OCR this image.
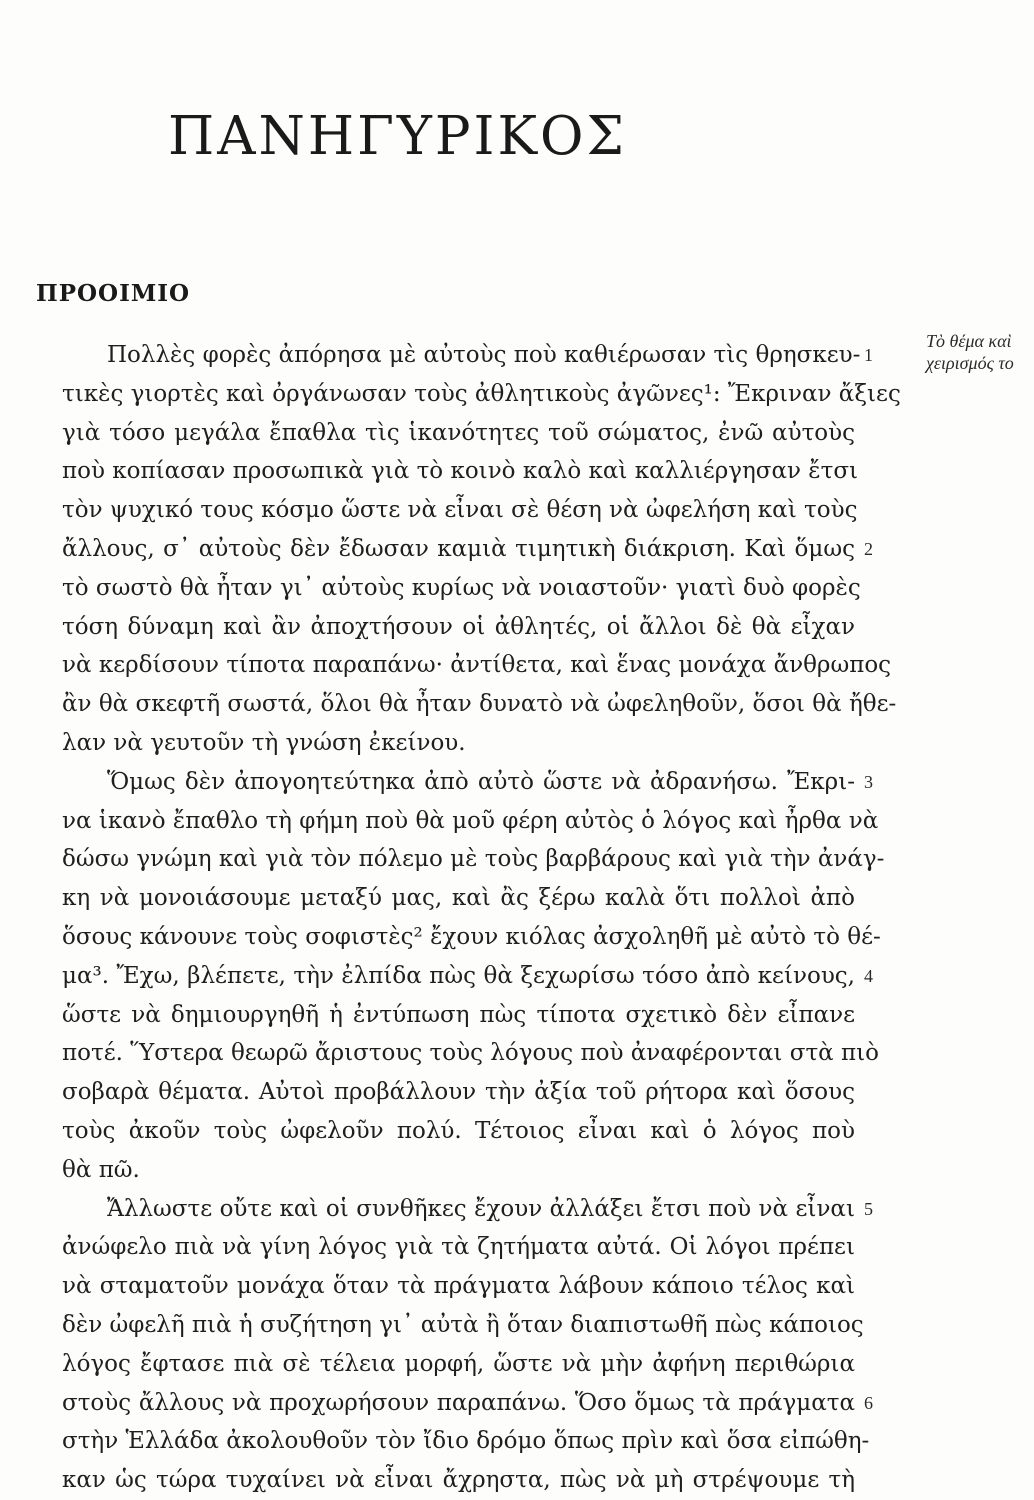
ΠΑΝΗΓΥΡΙΚΟΣ
ΠΡΟΟΙΜΙΟ
Τὸ θέμα καὶ
χειρισμός το
Πολλὲς φορὲς ἀπόρησα μὲ αὐτοὺς ποὺ καθιέρωσαν τὶς θρησκευ- 1
τικὲς γιορτὲς καὶ ὀργάνωσαν τοὺς ἀθλητικοὺς ἀγῶνες¹: Ἔκριναν ἄξιες
γιὰ τόσο μεγάλα ἔπαθλα τὶς ἱκανότητες τοῦ σώματος, ἐνῶ αὐτοὺς
ποὺ κοπίασαν προσωπικὰ γιὰ τὸ κοινὸ καλὸ καὶ καλλιέργησαν ἔτσι
τὸν ψυχικό τους κόσμο ὥστε νὰ εἶναι σὲ θέση νὰ ὠφελήση καὶ τοὺς
ἄλλους, σ᾽ αὐτοὺς δὲν ἔδωσαν καμιὰ τιμητικὴ διάκριση. Καὶ ὅμως 2
τὸ σωστὸ θὰ ἦταν γι᾽ αὐτοὺς κυρίως νὰ νοιαστοῦν· γιατὶ δυὸ φορὲς
τόση δύναμη καὶ ἂν ἀποχτήσουν οἱ ἀθλητές, οἱ ἄλλοι δὲ θὰ εἶχαν
νὰ κερδίσουν τίποτα παραπάνω· ἀντίθετα, καὶ ἕνας μονάχα ἄνθρωπος
ἂν θὰ σκεφτῆ σωστά, ὅλοι θὰ ἦταν δυνατὸ νὰ ὠφεληθοῦν, ὅσοι θὰ ἤθε-
λαν νὰ γευτοῦν τὴ γνώση ἐκείνου.
Ὅμως δὲν ἀπογοητεύτηκα ἀπὸ αὐτὸ ὥστε νὰ ἀδρανήσω. Ἔκρι- 3
να ἱκανὸ ἔπαθλο τὴ φήμη ποὺ θὰ μοῦ φέρη αὐτὸς ὁ λόγος καὶ ἦρθα νὰ
δώσω γνώμη καὶ γιὰ τὸν πόλεμο μὲ τοὺς βαρβάρους καὶ γιὰ τὴν ἀνάγ-
κη νὰ μονοιάσουμε μεταξύ μας, καὶ ἂς ξέρω καλὰ ὅτι πολλοὶ ἀπὸ
ὅσους κάνουνε τοὺς σοφιστὲς² ἔχουν κιόλας ἀσχοληθῆ μὲ αὐτὸ τὸ θέ-
μα³. Ἔχω, βλέπετε, τὴν ἐλπίδα πὼς θὰ ξεχωρίσω τόσο ἀπὸ κείνους, 4
ὥστε νὰ δημιουργηθῆ ἡ ἐντύπωση πὼς τίποτα σχετικὸ δὲν εἶπανε
ποτέ. Ὕστερα θεωρῶ ἄριστους τοὺς λόγους ποὺ ἀναφέρονται στὰ πιὸ
σοβαρὰ θέματα. Αὐτοὶ προβάλλουν τὴν ἀξία τοῦ ρήτορα καὶ ὅσους
τοὺς ἀκοῦν τοὺς ὠφελοῦν πολύ. Τέτοιος εἶναι καὶ ὁ λόγος ποὺ
θὰ πῶ.
Ἄλλωστε οὔτε καὶ οἱ συνθῆκες ἔχουν ἀλλάξει ἔτσι ποὺ νὰ εἶναι 5
ἀνώφελο πιὰ νὰ γίνη λόγος γιὰ τὰ ζητήματα αὐτά. Οἱ λόγοι πρέπει
νὰ σταματοῦν μονάχα ὅταν τὰ πράγματα λάβουν κάποιο τέλος καὶ
δὲν ὠφελῆ πιὰ ἡ συζήτηση γι᾽ αὐτὰ ἢ ὅταν διαπιστωθῆ πὼς κάποιος
λόγος ἔφτασε πιὰ σὲ τέλεια μορφή, ὥστε νὰ μὴν ἀφήνη περιθώρια
στοὺς ἄλλους νὰ προχωρήσουν παραπάνω. Ὅσο ὅμως τὰ πράγματα 6
στὴν Ἑλλάδα ἀκολουθοῦν τὸν ἴδιο δρόμο ὅπως πρὶν καὶ ὅσα εἰπώθη-
καν ὡς τώρα τυχαίνει νὰ εἶναι ἄχρηστα, πὼς νὰ μὴ στρέψουμε τὴ
